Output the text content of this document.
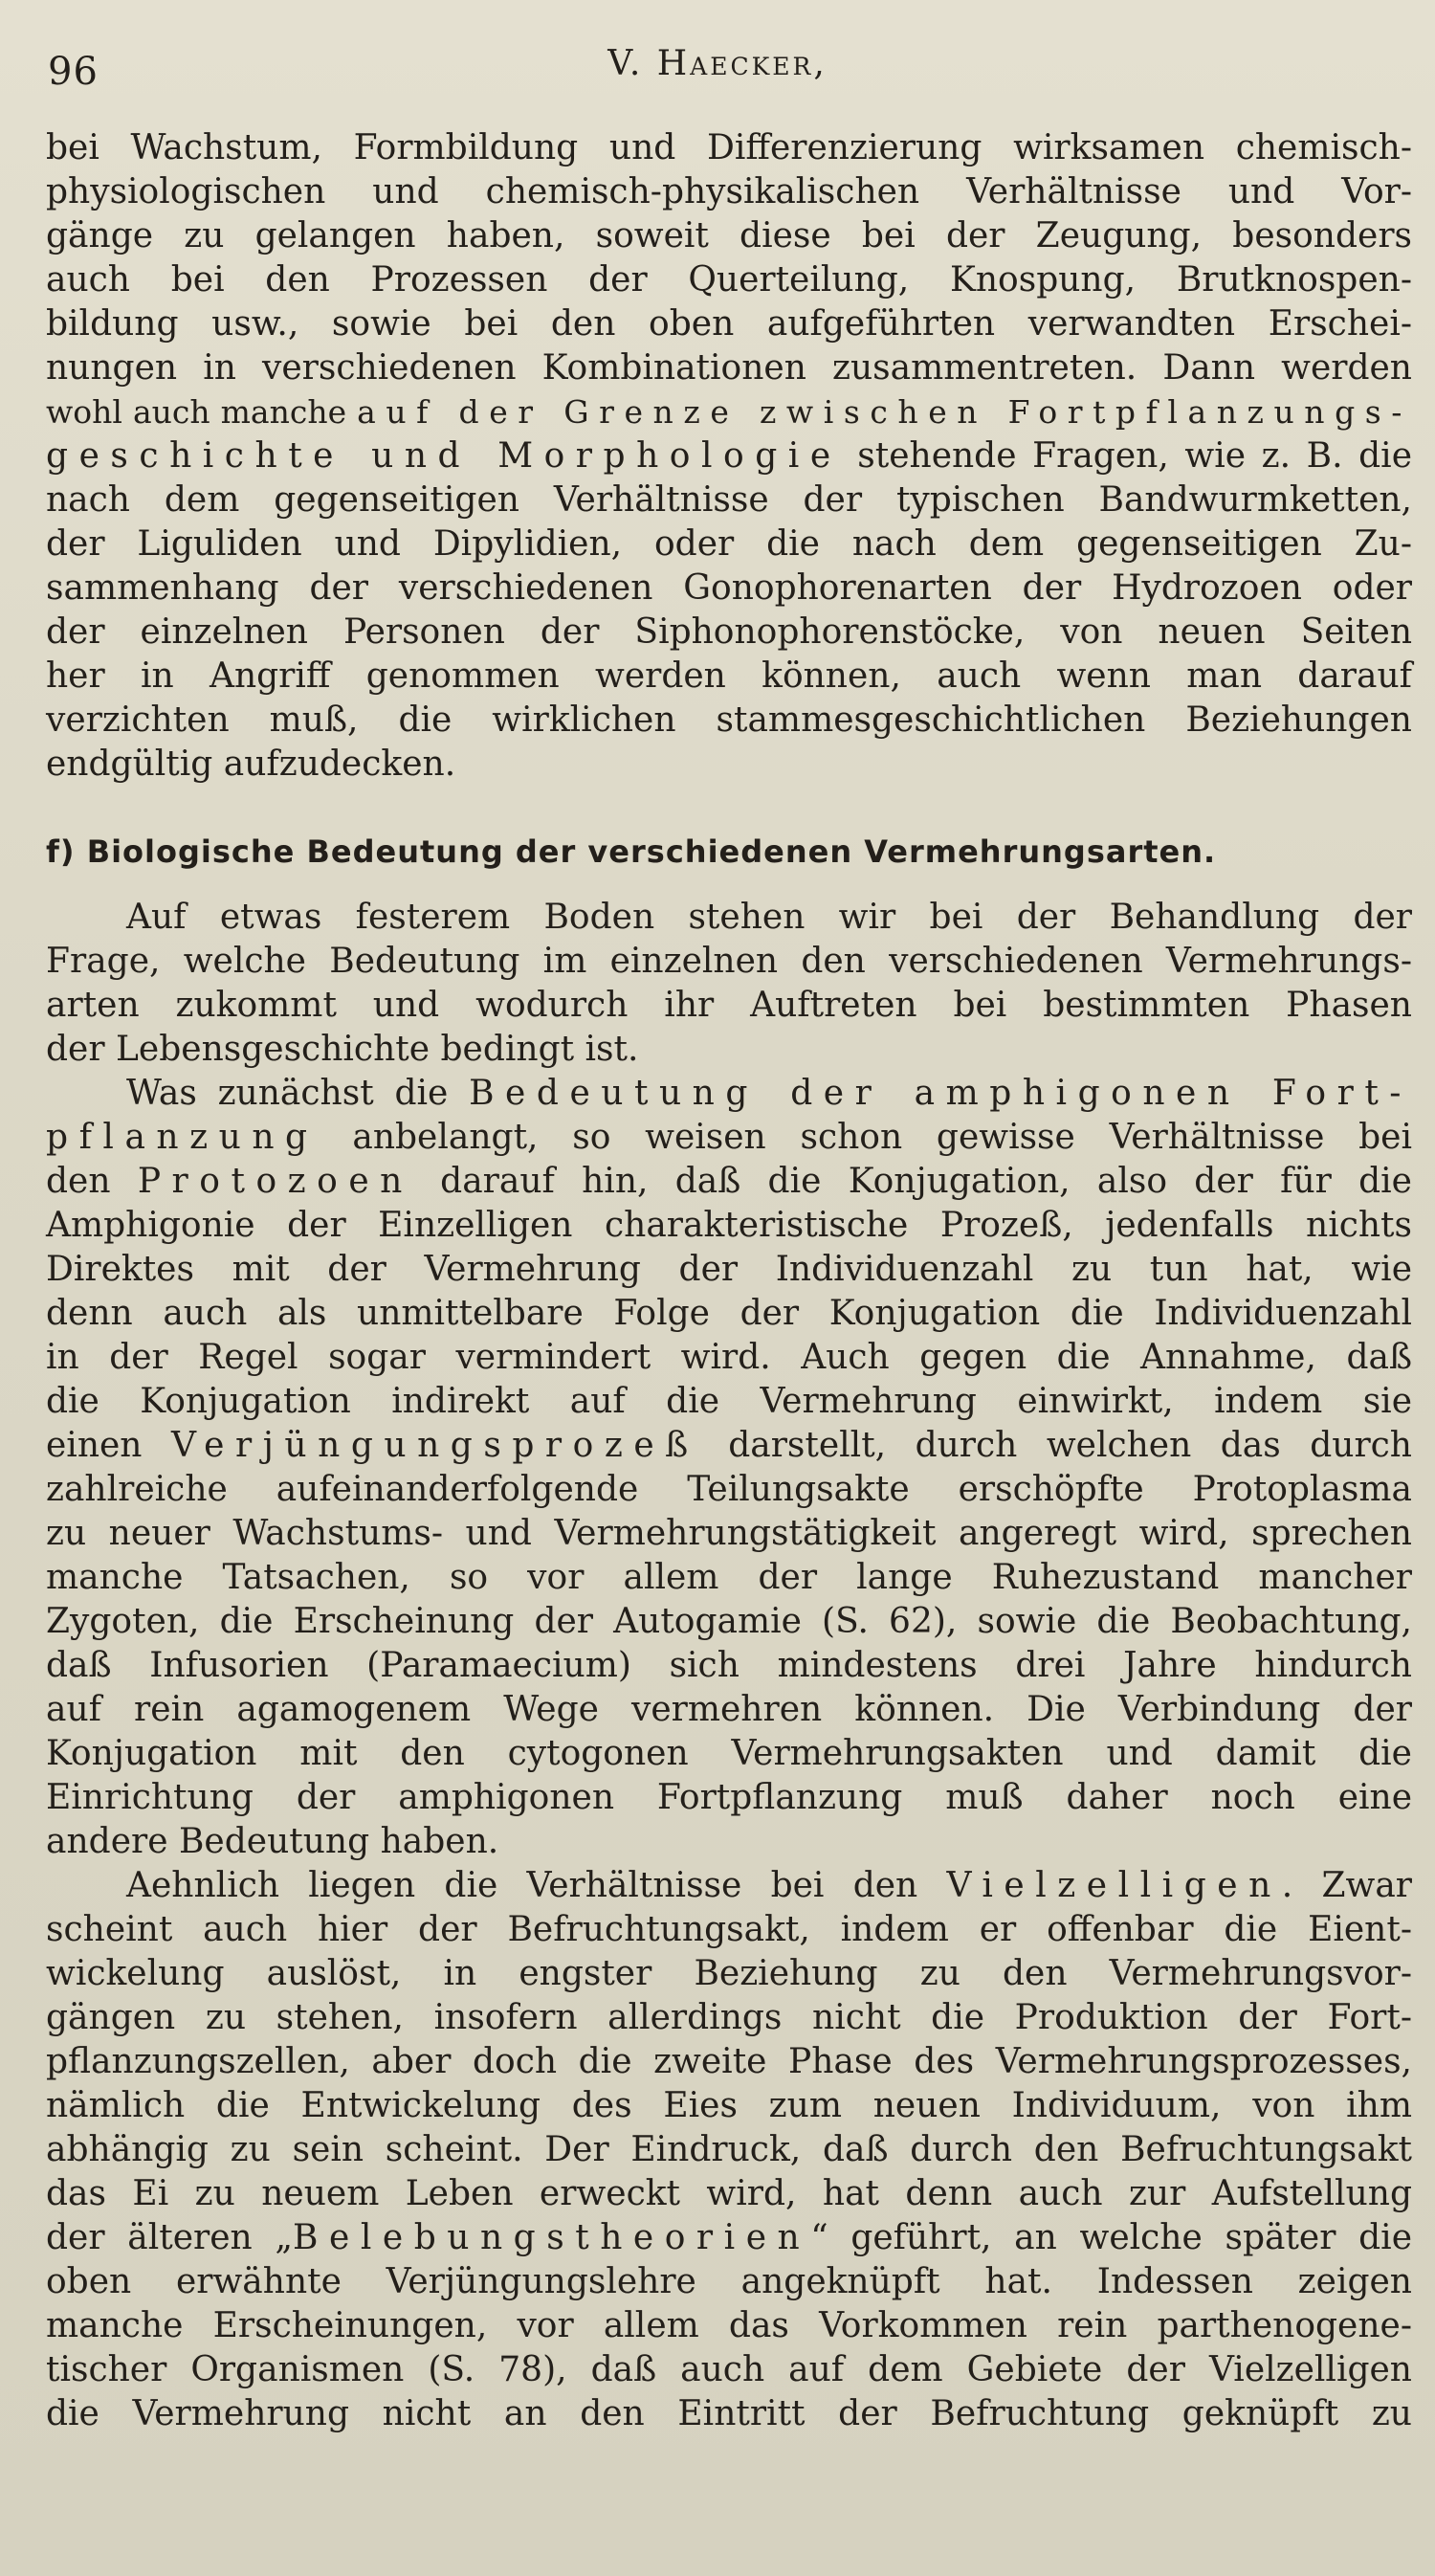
96	V. Haecker,
bei Wachstum, Formbildung und Differenzierung wirksamen chemisch-
physiologischen und chemisch-physikalischen Verhältnisse und Vor-
gänge zu gelangen haben, soweit diese bei der Zeugung, besonders
auch bei den Prozessen der Querteilung, Knospung, Brutknospen-
bildung usw., sowie bei den oben aufgeführten verwandten Erschei-
nungen in verschiedenen Kombinationen zusammentreten. Dann werden
wohl auch manche auf der Grenze zwischen Fortpflanzungs-
geschichte und Morphologie stehende Fragen, wie z. B. die
nach dem gegenseitigen Verhältnisse der typischen Bandwurmketten,
der Liguliden und Dipylidien, oder die nach dem gegenseitigen Zu-
sammenhang der verschiedenen Gonophorenarten der Hydrozoen oder
der einzelnen Personen der Siphonophorenstöcke, von neuen Seiten
her in Angriff genommen werden können, auch wenn man darauf
verzichten muß, die wirklichen stammesgeschichtlichen Beziehungen
endgültig aufzudecken.
f) Biologische Bedeutung der verschiedenen Vermehrungsarten.
Auf etwas festerem Boden stehen wir bei der Behandlung der
Frage, welche Bedeutung im einzelnen den verschiedenen Vermehrungs-
arten zukommt und wodurch ihr Auftreten bei bestimmten Phasen
der Lebensgeschichte bedingt ist.
Was zunächst die Bedeutung der amphigonen Fort-
pflanzung anbelangt, so weisen schon gewisse Verhältnisse bei
den Protozoen darauf hin, daß die Konjugation, also der für die
Amphigonie der Einzelligen charakteristische Prozeß, jedenfalls nichts
Direktes mit der Vermehrung der Individuenzahl zu tun hat, wie
denn auch als unmittelbare Folge der Konjugation die Individuenzahl
in der Regel sogar vermindert wird. Auch gegen die Annahme, daß
die Konjugation indirekt auf die Vermehrung einwirkt, indem sie
einen Verjüngungsprozeß darstellt, durch welchen das durch
zahlreiche aufeinanderfolgende Teilungsakte erschöpfte Protoplasma
zu neuer Wachstums- und Vermehrungstätigkeit angeregt wird, sprechen
manche Tatsachen, so vor allem der lange Ruhezustand mancher
Zygoten, die Erscheinung der Autogamie (S. 62), sowie die Beobachtung,
daß Infusorien (Paramaecium) sich mindestens drei Jahre hindurch
auf rein agamogenem Wege vermehren können. Die Verbindung der
Konjugation mit den cytogonen Vermehrungsakten und damit die
Einrichtung der amphigonen Fortpflanzung muß daher noch eine
andere Bedeutung haben.
Aehnlich liegen die Verhältnisse bei den Vielzelligen. Zwar
scheint auch hier der Befruchtungsakt, indem er offenbar die Eient-
wickelung auslöst, in engster Beziehung zu den Vermehrungsvor-
gängen zu stehen, insofern allerdings nicht die Produktion der Fort-
pflanzungszellen, aber doch die zweite Phase des Vermehrungsprozesses,
nämlich die Entwickelung des Eies zum neuen Individuum, von ihm
abhängig zu sein scheint. Der Eindruck, daß durch den Befruchtungsakt
das Ei zu neuem Leben erweckt wird, hat denn auch zur Aufstellung
der älteren „Belebungstheorien“ geführt, an welche später die
oben erwähnte Verjüngungslehre angeknüpft hat. Indessen zeigen
manche Erscheinungen, vor allem das Vorkommen rein parthenogene-
tischer Organismen (S. 78), daß auch auf dem Gebiete der Vielzelligen
die Vermehrung nicht an den Eintritt der Befruchtung geknüpft zu
